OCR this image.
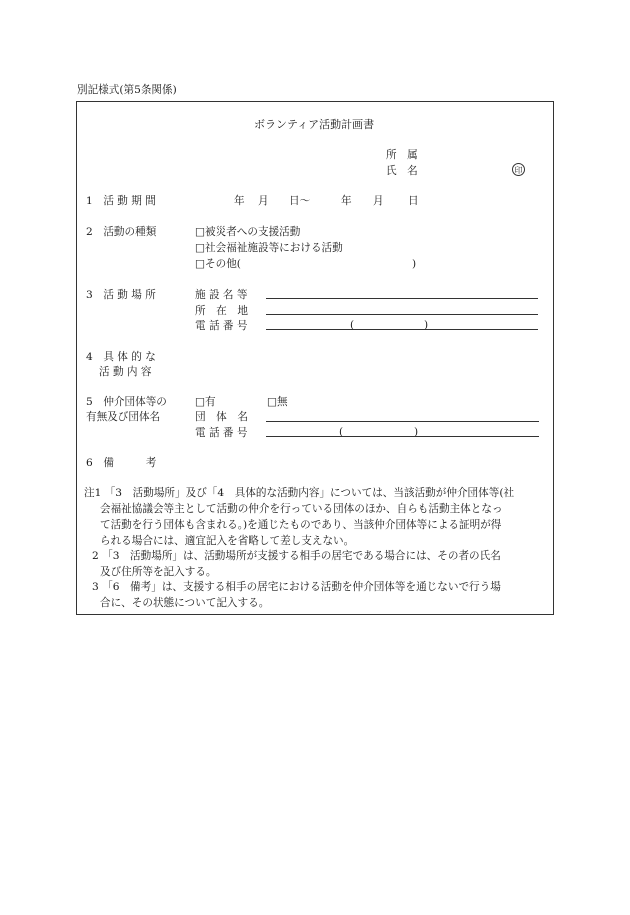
別記様式(第5条関係)
ボランティア活動計画書
所　属
氏　名	印
1　活 動 期 間	年 月 日～	年 月 日
2　活動の種類	□被災者への支援活動
□社会福祉施設等における活動
□その他(	)
3　活 動 場 所	施 設 名 等
所　在　地
電 話 番 号	(	)
4　具 体 的 な
活 動 内 容
5　仲介団体等の
有無及び団体名
□有	□無
団　体　名
電 話 番 号	(	)
6　備　　　考
注1 「3　活動場所」及び「4　具体的な活動内容」については、当該活動が仲介団体等(社
会福祉協議会等主として活動の仲介を行っている団体のほか、自らも活動主体となっ
て活動を行う団体も含まれる。)を通じたものであり、当該仲介団体等による証明が得
られる場合には、適宜記入を省略して差し支えない。
2 「3　活動場所」は、活動場所が支援する相手の居宅である場合には、その者の氏名
及び住所等を記入する。
3 「6　備考」は、支援する相手の居宅における活動を仲介団体等を通じないで行う場
合に、その状態について記入する。
